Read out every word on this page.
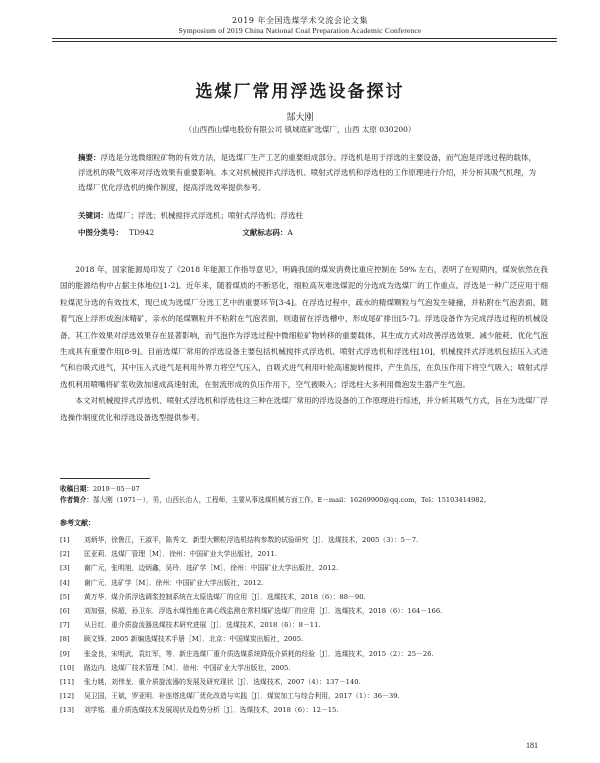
2019 年全国选煤学术交流会论文集
Symposium of 2019 China National Coal Preparation Academic Conference
选煤厂常用浮选设备探讨
郜大刚
（山西西山煤电股份有限公司 镇城底矿选煤厂，山西 太原 030200）
摘要：浮选是分选微细粒矿物的有效方法，是选煤厂生产工艺的重要组成部分。浮选机是用于浮选的主要设备，而气泡是浮选过程的载体，浮选机的吸气效率对浮选效果有重要影响。本文对机械搅拌式浮选机、喷射式浮选机和浮选柱的工作原理进行介绍，并分析其吸气机理，为选煤厂优化浮选机的操作制度，提高浮选效率提供参考。
关键词：选煤厂；浮选；机械搅拌式浮选机；喷射式浮选机；浮选柱
中图分类号： TD942	文献标志码：A

2018 年，国家能源局印发了《2018 年能源工作指导意见》，明确我国的煤炭消费比重应控制在 59% 左右，表明了在短期内，煤炭依然在我国的能源结构中占据主体地位[1-2]。近年来，随着煤质的不断恶化，细粒高灰难选煤泥的分选成为选煤厂的工作重点。浮选是一种广泛应用于细粒煤泥分选的有效技术，现已成为选煤厂分选工艺中的重要环节[3-4]。在浮选过程中，疏水的精煤颗粒与气泡发生碰撞，并粘附在气泡表面，随着气泡上浮形成泡沫精矿，亲水的尾煤颗粒并不粘附在气泡表面，则遗留在浮选槽中，形成尾矿排出[5-7]。浮选设备作为完成浮选过程的机械设备，其工作效果对浮选效果存在显著影响，而气泡作为浮选过程中微细粒矿物转移的重要载体，其生成方式对改善浮选效果、减少能耗、优化气泡生成具有重要作用[8-9]。目前选煤厂常用的浮选设备主要包括机械搅拌式浮选机、喷射式浮选机和浮选柱[10]，机械搅拌式浮选机包括压入式进气和自吸式进气，其中压入式进气是利用外界力将空气压入，自吸式进气利用叶轮高速旋转搅拌，产生负压，在负压作用下将空气吸入；喷射式浮选机利用喷嘴将矿浆收敛加速成高速射流，在射流形成的负压作用下，空气被吸入；浮选柱大多利用微泡发生器产生气泡。

本文对机械搅拌式浮选机、喷射式浮选机和浮选柱这三种在选煤厂常用的浮选设备的工作原理进行综述，并分析其吸气方式，旨在为选煤厂浮选操作制度优化和浮选设备选型提供参考。

收稿日期：2019－05－07
作者简介：郜大刚（1971－），男，山西长治人，工程师，主要从事选煤机械方面工作。E－mail：16269900@qq.com，Tel：15103414982。
参考文献：
[1]	刘炳华，徐鲁江，王淑平，陈秀文．新型大颗粒浮选机结构参数的试验研究［J］．选煤技术，2005（3）：5－7.
[2]	匡亚莉．选煤厂管理［M］．徐州：中国矿业大学出版社，2011.
[3]	谢广元，张明旭，边炳鑫，吴玲．选矿学［M］．徐州：中国矿业大学出版社，2012.
[4]	谢广元．选矿学［M］．徐州：中国矿业大学出版社，2012.
[5]	黄万华．煤介质浮选调浆控制系统在太原选煤厂的应用［J］．选煤技术，2018（6）：88－90.
[6]	刘加强，侯超，孙卫东．浮选水煤性能在离心线监测在常村煤矿选煤厂的应用［J］．选煤技术，2018（6）：164－166.
[7]	从日红．重介质旋流器选煤技术研究进展［J］．选煤技术，2018（6）：8－11.
[8]	顾文锋．2005 新编选煤技术手册［M］．北京：中国煤炭出版社，2005.
[9]	张金良，宋明武，袁红军，等．新庄选煤厂重介质选煤系统降低介质耗的经验［J］．选煤技术，2015（2）：25－26.
[10]	路边内．选煤厂技术管理［M］．徐州：中国矿业大学出版社，2005.
[11]	张力姚，刘伟龙．重介质旋流器的发展及研究现状［J］．选煤技术，2007（4）：137－140.
[12]	吴卫国，王斌，罗亚明．补连塔选煤厂优化改造与实践［J］．煤炭加工与综合利用，2017（1）：36－39.
[13]	刘学铭．重介质选煤技术发展现状及趋势分析［J］．选煤技术，2018（6）：12－15.
181
